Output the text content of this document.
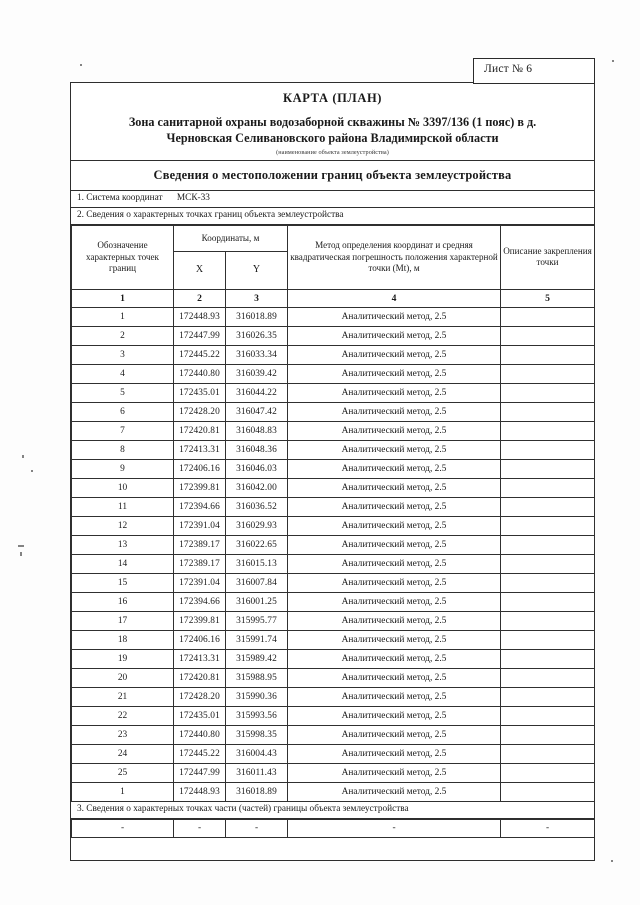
Лист № 6
КАРТА (ПЛАН)
Зона санитарной охраны водозаборной скважины № 3397/136 (1 пояс) в д.
Черновская Селивановского района Владимирской области
(наименование объекта землеустройства)
Сведения о местоположении границ объекта землеустройства
1. Система координат МСК-33
2. Сведения о характерных точках границ объекта землеустройства
Обозначение характерных точек границ	Координаты, м		Метод определения координат и средняя квадратическая погрешность положения характерной точки (Mt), м	Описание закрепления точки
	X	Y		
1	2	3	4	5
1	172448.93	316018.89	Аналитический метод, 2.5	
2	172447.99	316026.35	Аналитический метод, 2.5	
3	172445.22	316033.34	Аналитический метод, 2.5	
4	172440.80	316039.42	Аналитический метод, 2.5	
5	172435.01	316044.22	Аналитический метод, 2.5	
6	172428.20	316047.42	Аналитический метод, 2.5	
7	172420.81	316048.83	Аналитический метод, 2.5	
8	172413.31	316048.36	Аналитический метод, 2.5	
9	172406.16	316046.03	Аналитический метод, 2.5	
10	172399.81	316042.00	Аналитический метод, 2.5	
11	172394.66	316036.52	Аналитический метод, 2.5	
12	172391.04	316029.93	Аналитический метод, 2.5	
13	172389.17	316022.65	Аналитический метод, 2.5	
14	172389.17	316015.13	Аналитический метод, 2.5	
15	172391.04	316007.84	Аналитический метод, 2.5	
16	172394.66	316001.25	Аналитический метод, 2.5	
17	172399.81	315995.77	Аналитический метод, 2.5	
18	172406.16	315991.74	Аналитический метод, 2.5	
19	172413.31	315989.42	Аналитический метод, 2.5	
20	172420.81	315988.95	Аналитический метод, 2.5	
21	172428.20	315990.36	Аналитический метод, 2.5	
22	172435.01	315993.56	Аналитический метод, 2.5	
23	172440.80	315998.35	Аналитический метод, 2.5	
24	172445.22	316004.43	Аналитический метод, 2.5	
25	172447.99	316011.43	Аналитический метод, 2.5	
1	172448.93	316018.89	Аналитический метод, 2.5	
3. Сведения о характерных точках части (частей) границы объекта землеустройства
-	-	-	-	-
